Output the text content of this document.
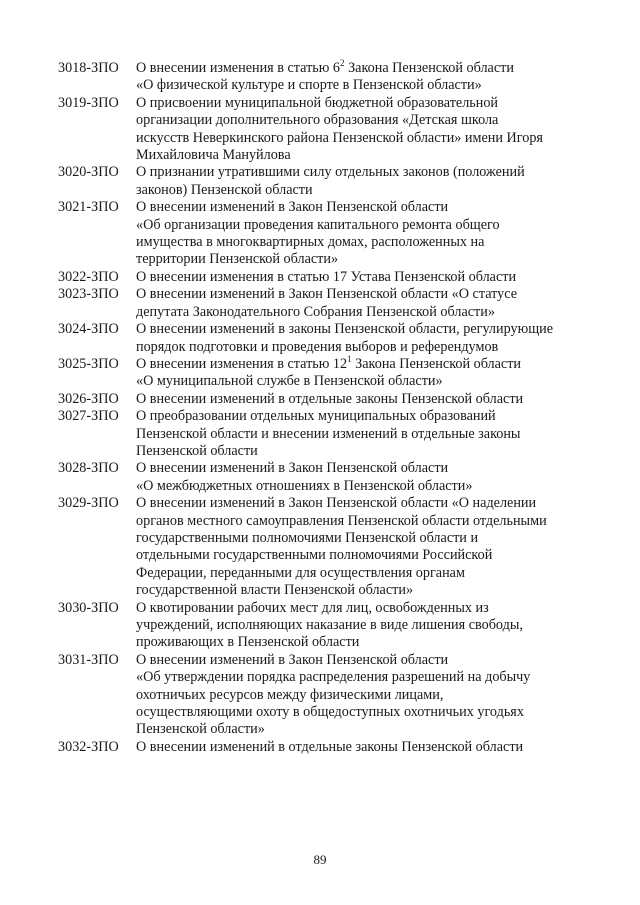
3018-ЗПО	О внесении изменения в статью $6^2$ Закона Пензенской области
«О физической культуре и спорте в Пензенской области»
3019-ЗПО	О присвоении муниципальной бюджетной образовательной
организации дополнительного образования «Детская школа
искусств Неверкинского района Пензенской области» имени Игоря
Михайловича Мануйлова
3020-ЗПО	О признании утратившими силу отдельных законов (положений
законов) Пензенской области
3021-ЗПО	О внесении изменений в Закон Пензенской области
«Об организации проведения капитального ремонта общего
имущества в многоквартирных домах, расположенных на
территории Пензенской области»
3022-ЗПО	О внесении изменения в статью 17 Устава Пензенской области
3023-ЗПО	О внесении изменений в Закон Пензенской области «О статусе
депутата Законодательного Собрания Пензенской области»
3024-ЗПО	О внесении изменений в законы Пензенской области, регулирующие
порядок подготовки и проведения выборов и референдумов
3025-ЗПО	О внесении изменения в статью $12^1$ Закона Пензенской области
«О муниципальной службе в Пензенской области»
3026-ЗПО	О внесении изменений в отдельные законы Пензенской области
3027-ЗПО	О преобразовании отдельных муниципальных образований
Пензенской области и внесении изменений в отдельные законы
Пензенской области
3028-ЗПО	О внесении изменений в Закон Пензенской области
«О межбюджетных отношениях в Пензенской области»
3029-ЗПО	О внесении изменений в Закон Пензенской области «О наделении
органов местного самоуправления Пензенской области отдельными
государственными полномочиями Пензенской области и
отдельными государственными полномочиями Российской
Федерации, переданными для осуществления органам
государственной власти Пензенской области»
3030-ЗПО	О квотировании рабочих мест для лиц, освобожденных из
учреждений, исполняющих наказание в виде лишения свободы,
проживающих в Пензенской области
3031-ЗПО	О внесении изменений в Закон Пензенской области
«Об утверждении порядка распределения разрешений на добычу
охотничьих ресурсов между физическими лицами,
осуществляющими охоту в общедоступных охотничьих угодьях
Пензенской области»
3032-ЗПО	О внесении изменений в отдельные законы Пензенской области
89
